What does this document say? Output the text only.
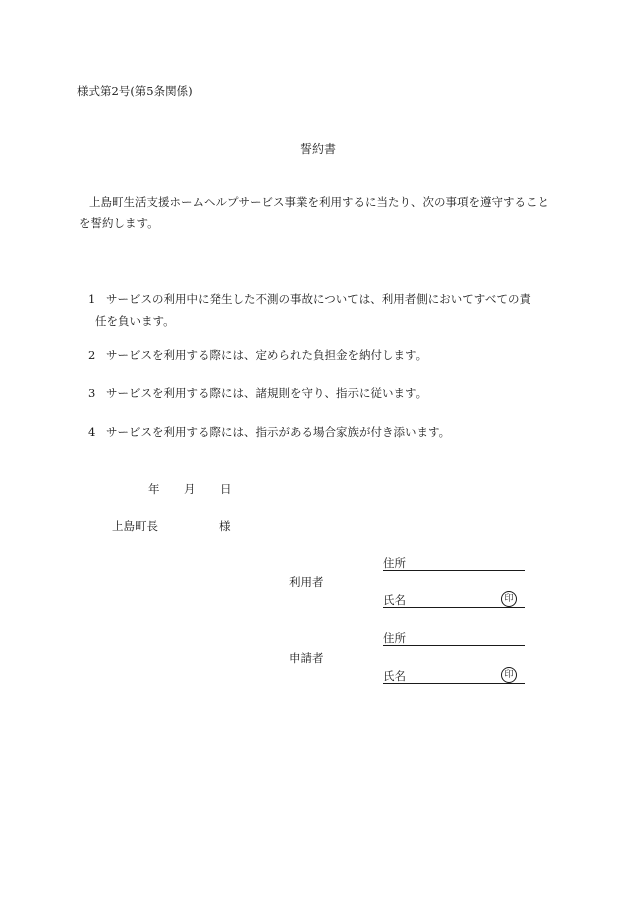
様式第2号(第5条関係)
誓約書
上島町生活支援ホームヘルプサービス事業を利用するに当たり、次の事項を遵守することを誓約します。
1 サービスの利用中に発生した不測の事故については、利用者側においてすべての責
任を負います。
2 サービスを利用する際には、定められた負担金を納付します。
3 サービスを利用する際には、諸規則を守り、指示に従います。
4 サービスを利用する際には、指示がある場合家族が付き添います。
年 月 日
上島町長	様
住所
利用者
氏名	印
住所
申請者
氏名	印
